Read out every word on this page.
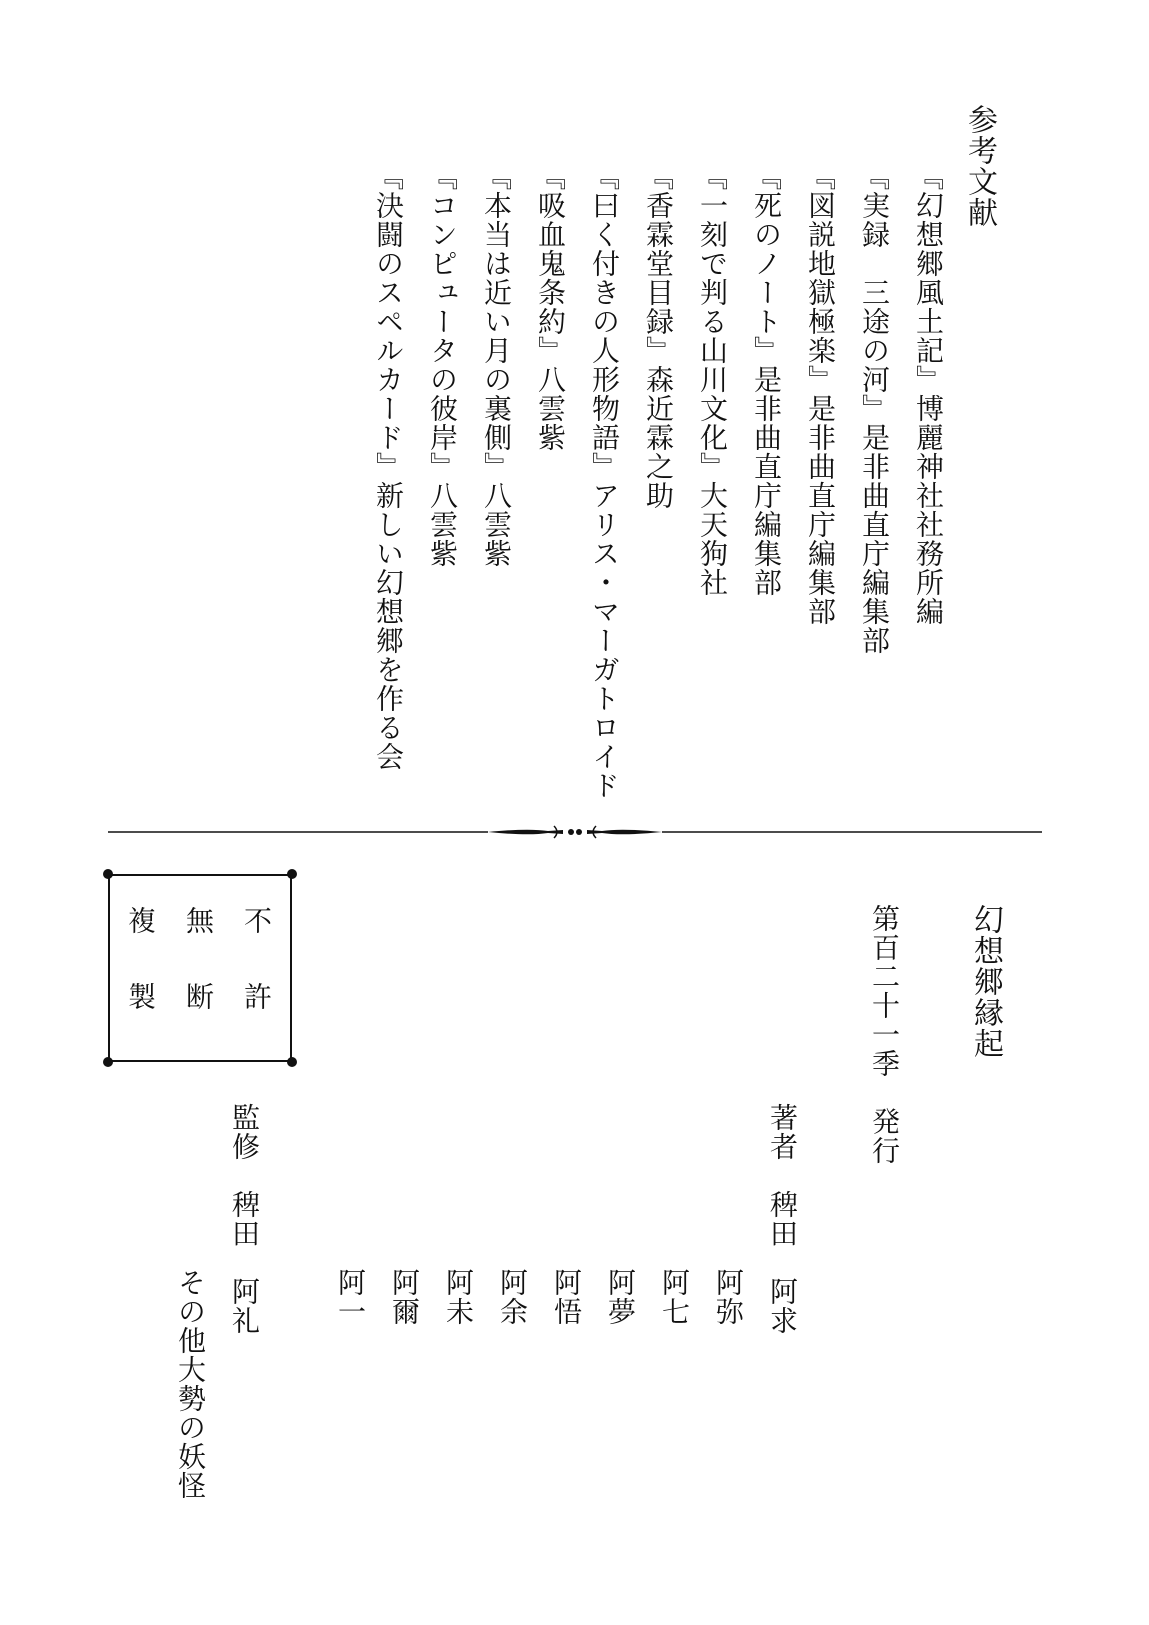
参考文献
『幻想郷風土記』博麗神社社務所編
『実録　三途の河』是非曲直庁編集部
『図説地獄極楽』是非曲直庁編集部
『死のノート』是非曲直庁編集部
『一刻で判る山川文化』大天狗社
『香霖堂目録』森近霖之助
『曰く付きの人形物語』アリス・マーガトロイド
『吸血鬼条約』八雲紫
『本当は近い月の裏側』八雲紫
『コンピュータの彼岸』八雲紫
『決闘のスペルカード』新しい幻想郷を作る会
幻想郷縁起
第百二十一季　発行
著者　稗田　阿求
阿弥
阿七
阿夢
阿悟
阿余
阿未
阿爾
阿一
監修　稗田　阿礼
その他大勢の妖怪
不許
無断
複製
